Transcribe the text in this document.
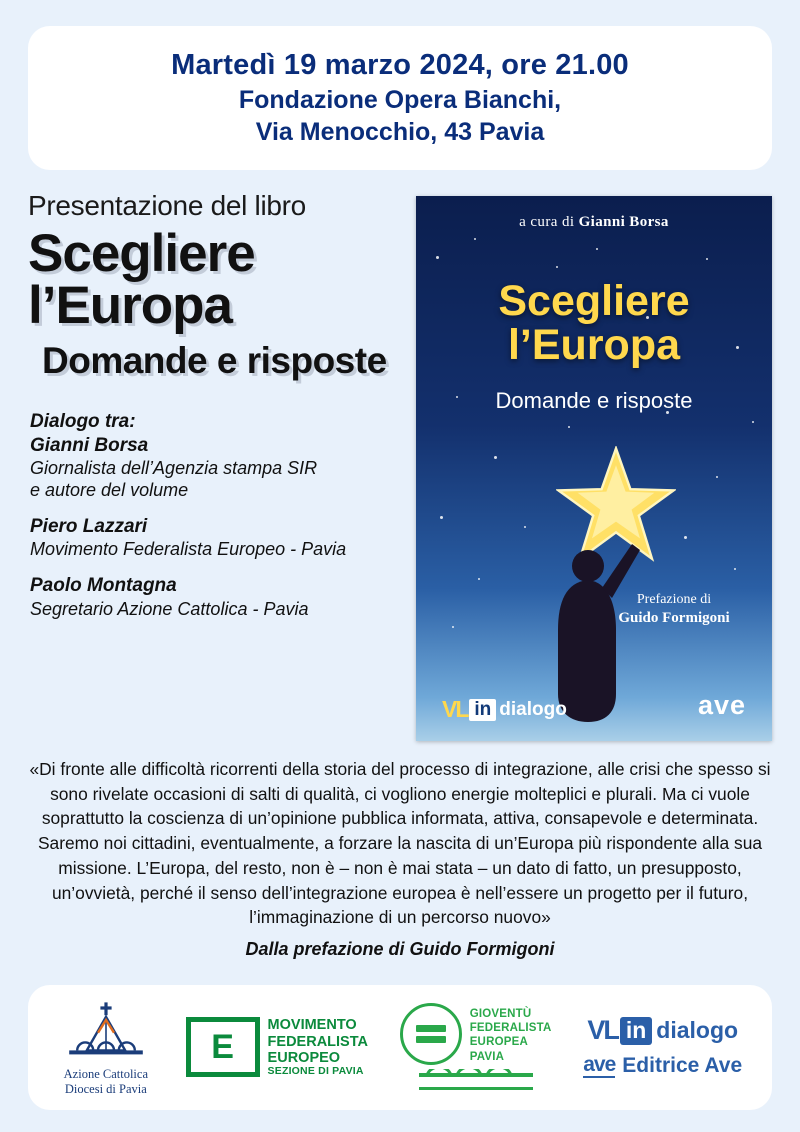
Martedì 19 marzo 2024, ore 21.00
Fondazione Opera Bianchi,
Via Menocchio, 43 Pavia
Presentazione del libro
Scegliere l’Europa
Domande e risposte
Dialogo tra:
Gianni Borsa
Giornalista dell’Agenzia stampa SIR
e autore del volume
Piero Lazzari
Movimento Federalista Europeo - Pavia
Paolo Montagna
Segretario Azione Cattolica - Pavia
a cura di Gianni Borsa
Scegliere
l’Europa
Domande e risposte
Prefazione di
Guido Formigoni
VL in dialogo	ave
«Di fronte alle difficoltà ricorrenti della storia del processo di integrazione, alle crisi che spesso si sono rivelate occasioni di salti di qualità, ci vogliono energie molteplici e plurali. Ma ci vuole soprattutto la coscienza di un’opinione pubblica informata, attiva, consapevole e determinata. Saremo noi cittadini, eventualmente, a forzare la nascita di un’Europa più rispondente alla sua missione. L’Europa, del resto, non è – non è mai stata – un dato di fatto, un presupposto, un’ovvietà, perché il senso dell’integrazione europea è nell’essere un progetto per il futuro, l’immaginazione di un percorso nuovo»
Dalla prefazione di Guido Formigoni
Azione Cattolica
Diocesi di Pavia
E
MOVIMENTO
FEDERALISTA
EUROPEO
SEZIONE DI PAVIA
GIOVENTÙ
FEDERALISTA
EUROPEA
PAVIA
VL in dialogo
ave Editrice Ave
